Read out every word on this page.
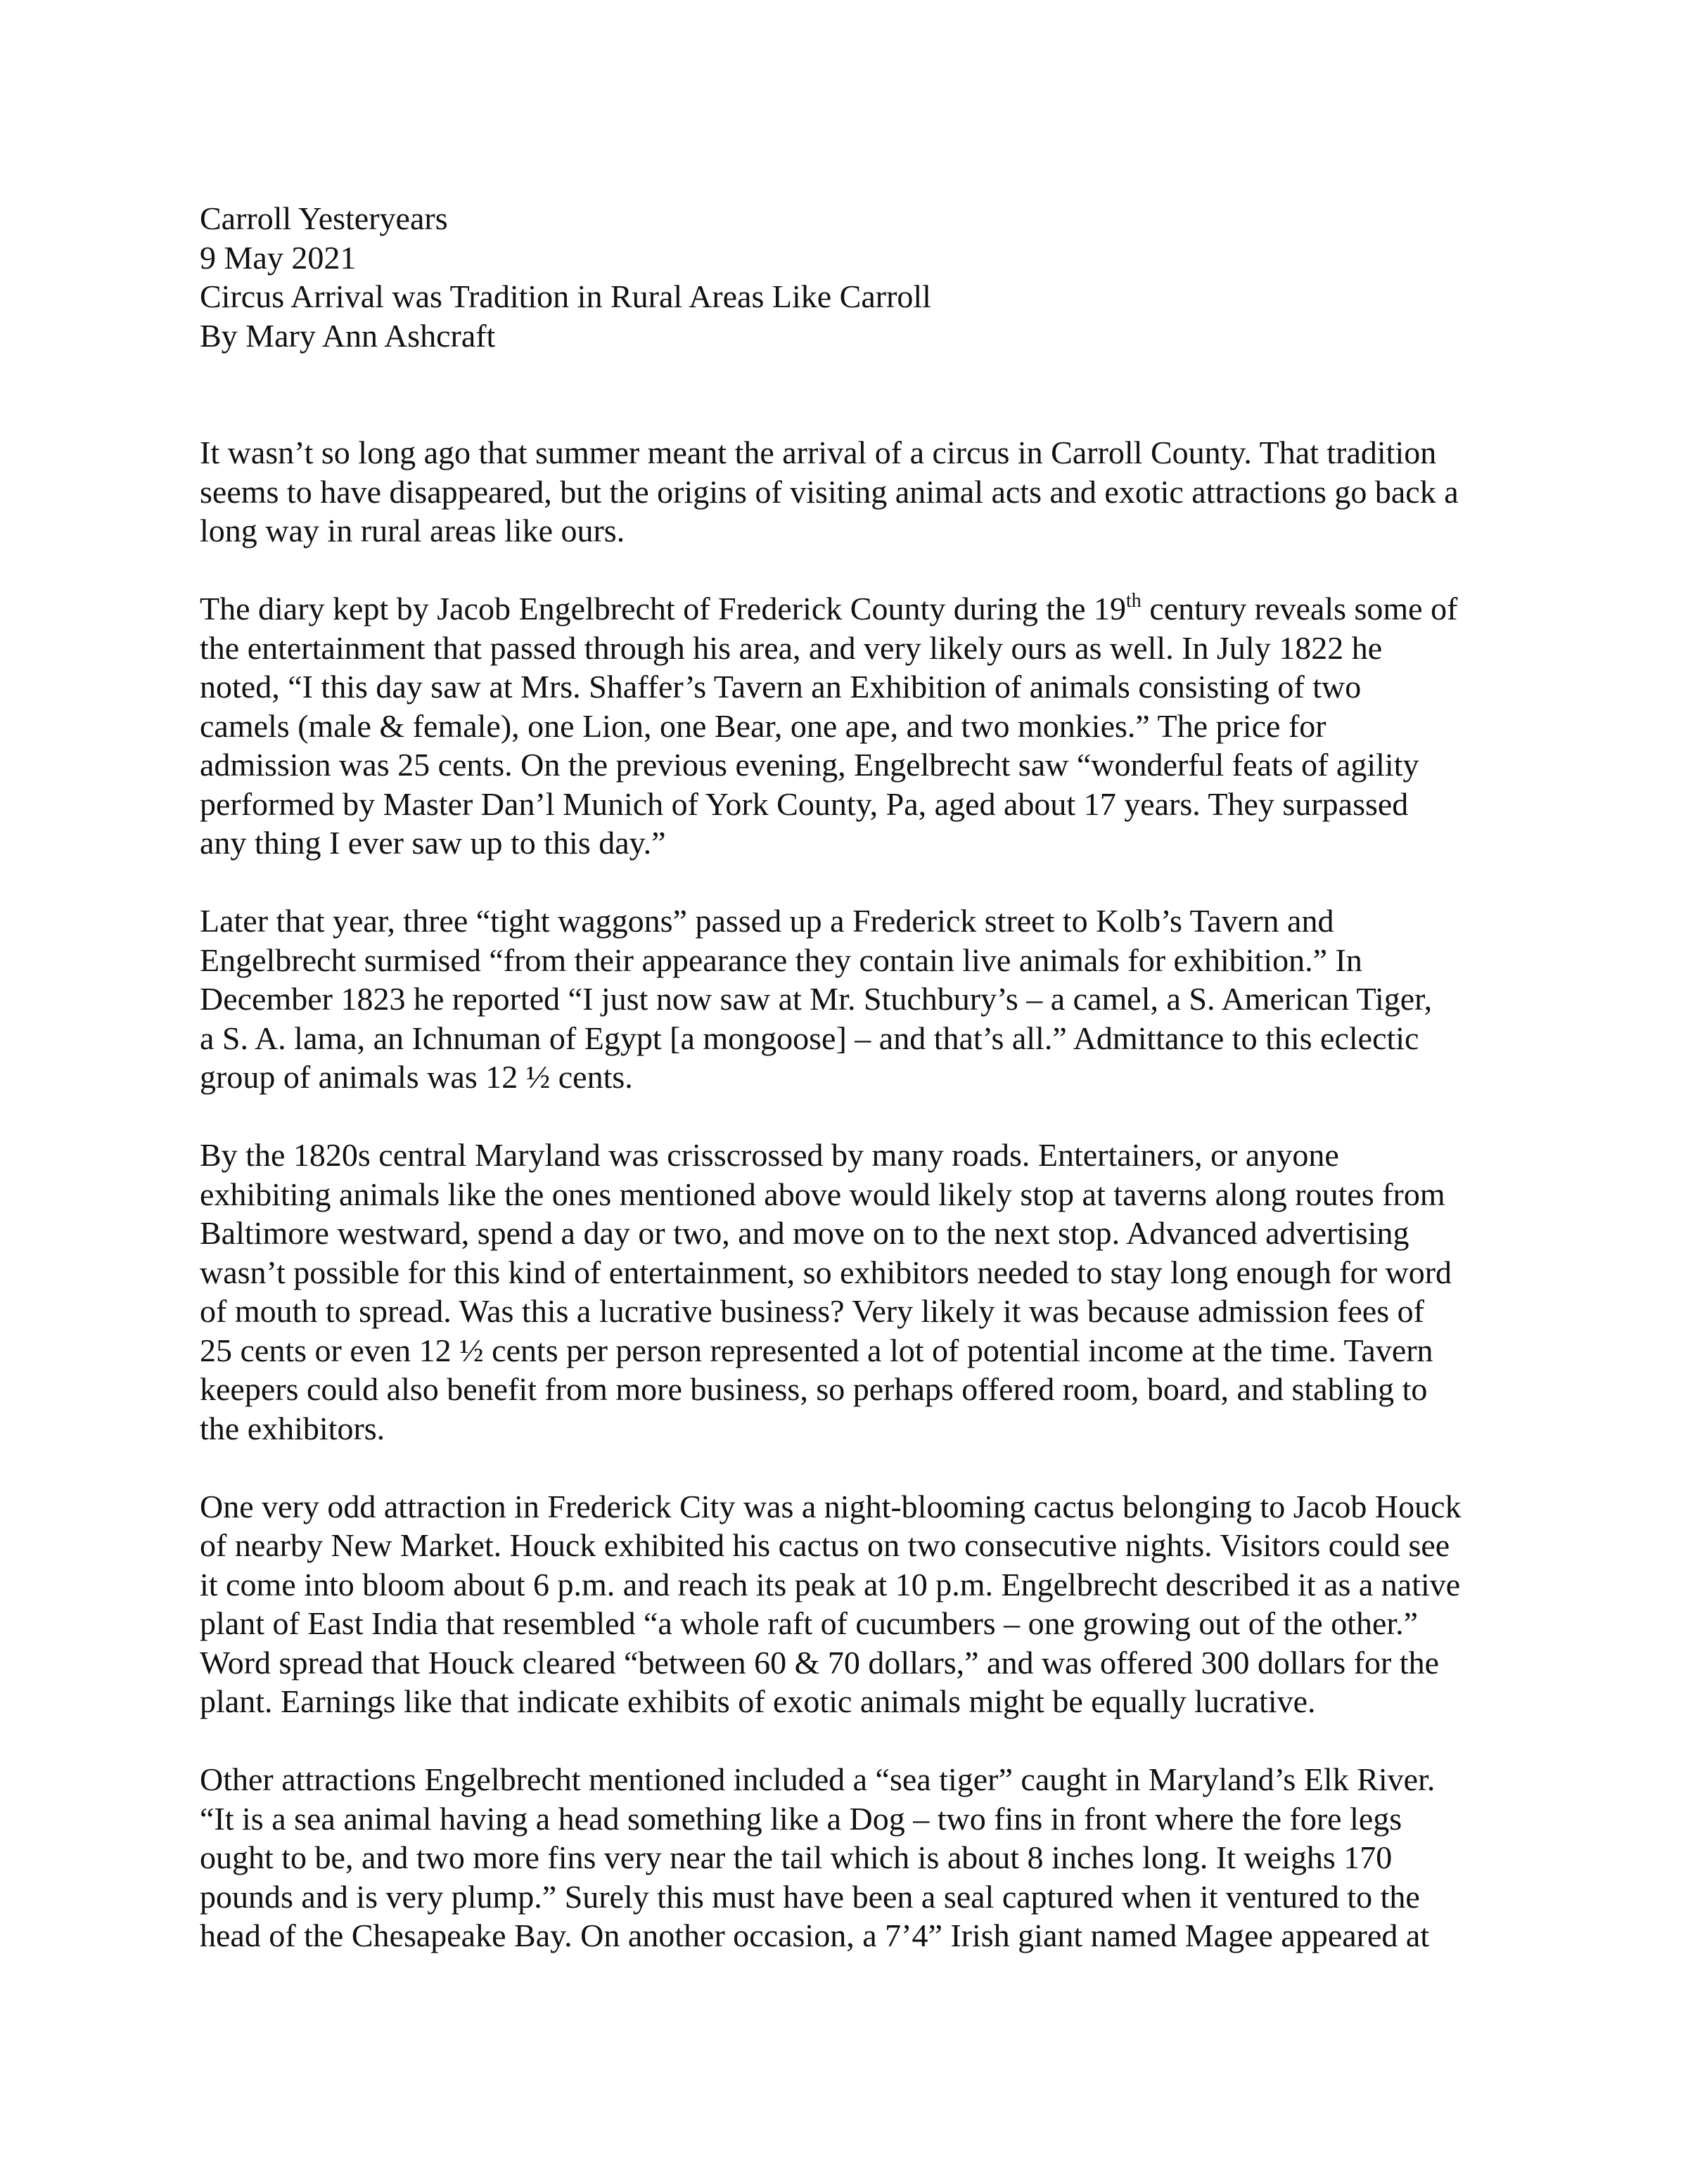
Carroll Yesteryears
9 May 2021
Circus Arrival was Tradition in Rural Areas Like Carroll
By Mary Ann Ashcraft
It wasn’t so long ago that summer meant the arrival of a circus in Carroll County. That tradition
seems to have disappeared, but the origins of visiting animal acts and exotic attractions go back a
long way in rural areas like ours.
The diary kept by Jacob Engelbrecht of Frederick County during the 19th century reveals some of
the entertainment that passed through his area, and very likely ours as well. In July 1822 he
noted, “I this day saw at Mrs. Shaffer’s Tavern an Exhibition of animals consisting of two
camels (male & female), one Lion, one Bear, one ape, and two monkies.” The price for
admission was 25 cents. On the previous evening, Engelbrecht saw “wonderful feats of agility
performed by Master Dan’l Munich of York County, Pa, aged about 17 years. They surpassed
any thing I ever saw up to this day.”
Later that year, three “tight waggons” passed up a Frederick street to Kolb’s Tavern and
Engelbrecht surmised “from their appearance they contain live animals for exhibition.” In
December 1823 he reported “I just now saw at Mr. Stuchbury’s – a camel, a S. American Tiger,
a S. A. lama, an Ichnuman of Egypt [a mongoose] – and that’s all.” Admittance to this eclectic
group of animals was 12 ½ cents.
By the 1820s central Maryland was crisscrossed by many roads. Entertainers, or anyone
exhibiting animals like the ones mentioned above would likely stop at taverns along routes from
Baltimore westward, spend a day or two, and move on to the next stop. Advanced advertising
wasn’t possible for this kind of entertainment, so exhibitors needed to stay long enough for word
of mouth to spread. Was this a lucrative business? Very likely it was because admission fees of
25 cents or even 12 ½ cents per person represented a lot of potential income at the time. Tavern
keepers could also benefit from more business, so perhaps offered room, board, and stabling to
the exhibitors.
One very odd attraction in Frederick City was a night-blooming cactus belonging to Jacob Houck
of nearby New Market. Houck exhibited his cactus on two consecutive nights. Visitors could see
it come into bloom about 6 p.m. and reach its peak at 10 p.m. Engelbrecht described it as a native
plant of East India that resembled “a whole raft of cucumbers – one growing out of the other.”
Word spread that Houck cleared “between 60 & 70 dollars,” and was offered 300 dollars for the
plant. Earnings like that indicate exhibits of exotic animals might be equally lucrative.
Other attractions Engelbrecht mentioned included a “sea tiger” caught in Maryland’s Elk River.
“It is a sea animal having a head something like a Dog – two fins in front where the fore legs
ought to be, and two more fins very near the tail which is about 8 inches long. It weighs 170
pounds and is very plump.” Surely this must have been a seal captured when it ventured to the
head of the Chesapeake Bay. On another occasion, a 7’4” Irish giant named Magee appeared at
